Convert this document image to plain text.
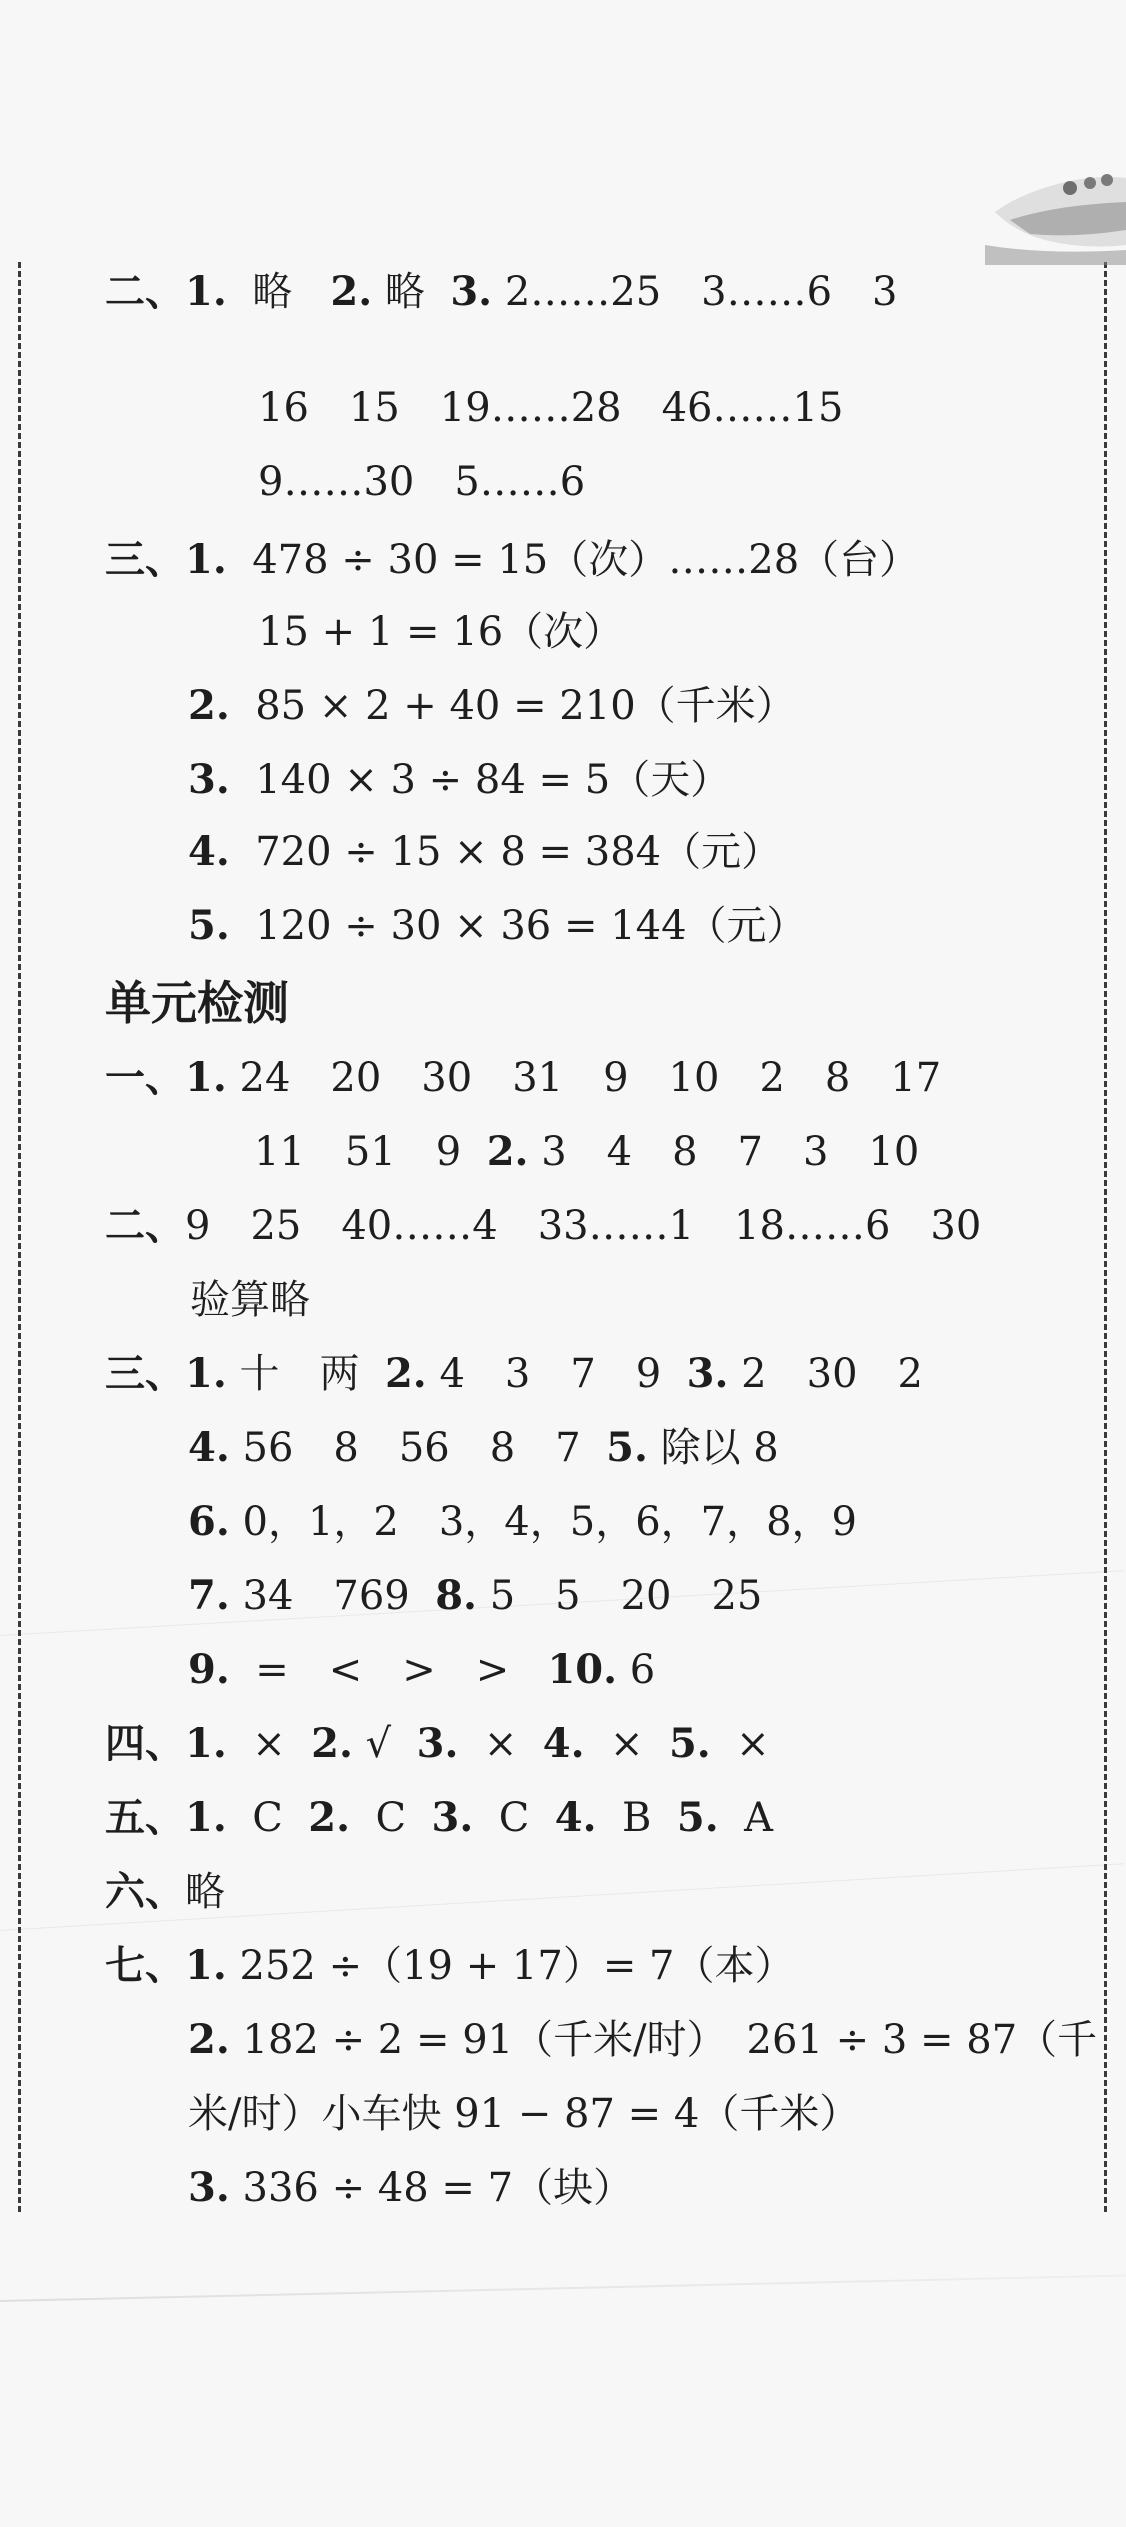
二、1. 略 2. 略 3. 2……25　3……6　3
16　15　19……28　46……15
9……30　5……6
三、1. 478 ÷ 30 = 15（次）……28（台）
15 + 1 = 16（次）
2. 85 × 2 + 40 = 210（千米）
3. 140 × 3 ÷ 84 = 5（天）
4. 720 ÷ 15 × 8 = 384（元）
5. 120 ÷ 30 × 36 = 144（元）
单元检测
一、1. 24　20　30　31　9　10　2　8　17
11　51　9 2. 3　4　8　7　3　10
二、9　25　40……4　33……1　18……6　30
验算略
三、1. 十　两 2. 4　3　7　9 3. 2　30　2
4. 56　8　56　8　7 5. 除以 8
6. 0，1，2　3，4，5，6，7，8，9
7. 34　769 8. 5　5　20　25
9. =　<　>　> 10. 6
四、1. × 2. √ 3. × 4. × 5. ×
五、1. C 2. C 3. C 4. B 5. A
六、略
七、1. 252 ÷（19 + 17）= 7（本）
2. 182 ÷ 2 = 91（千米/时）　261 ÷ 3 = 87（千
米/时）小车快 91 − 87 = 4（千米）
3. 336 ÷ 48 = 7（块）
